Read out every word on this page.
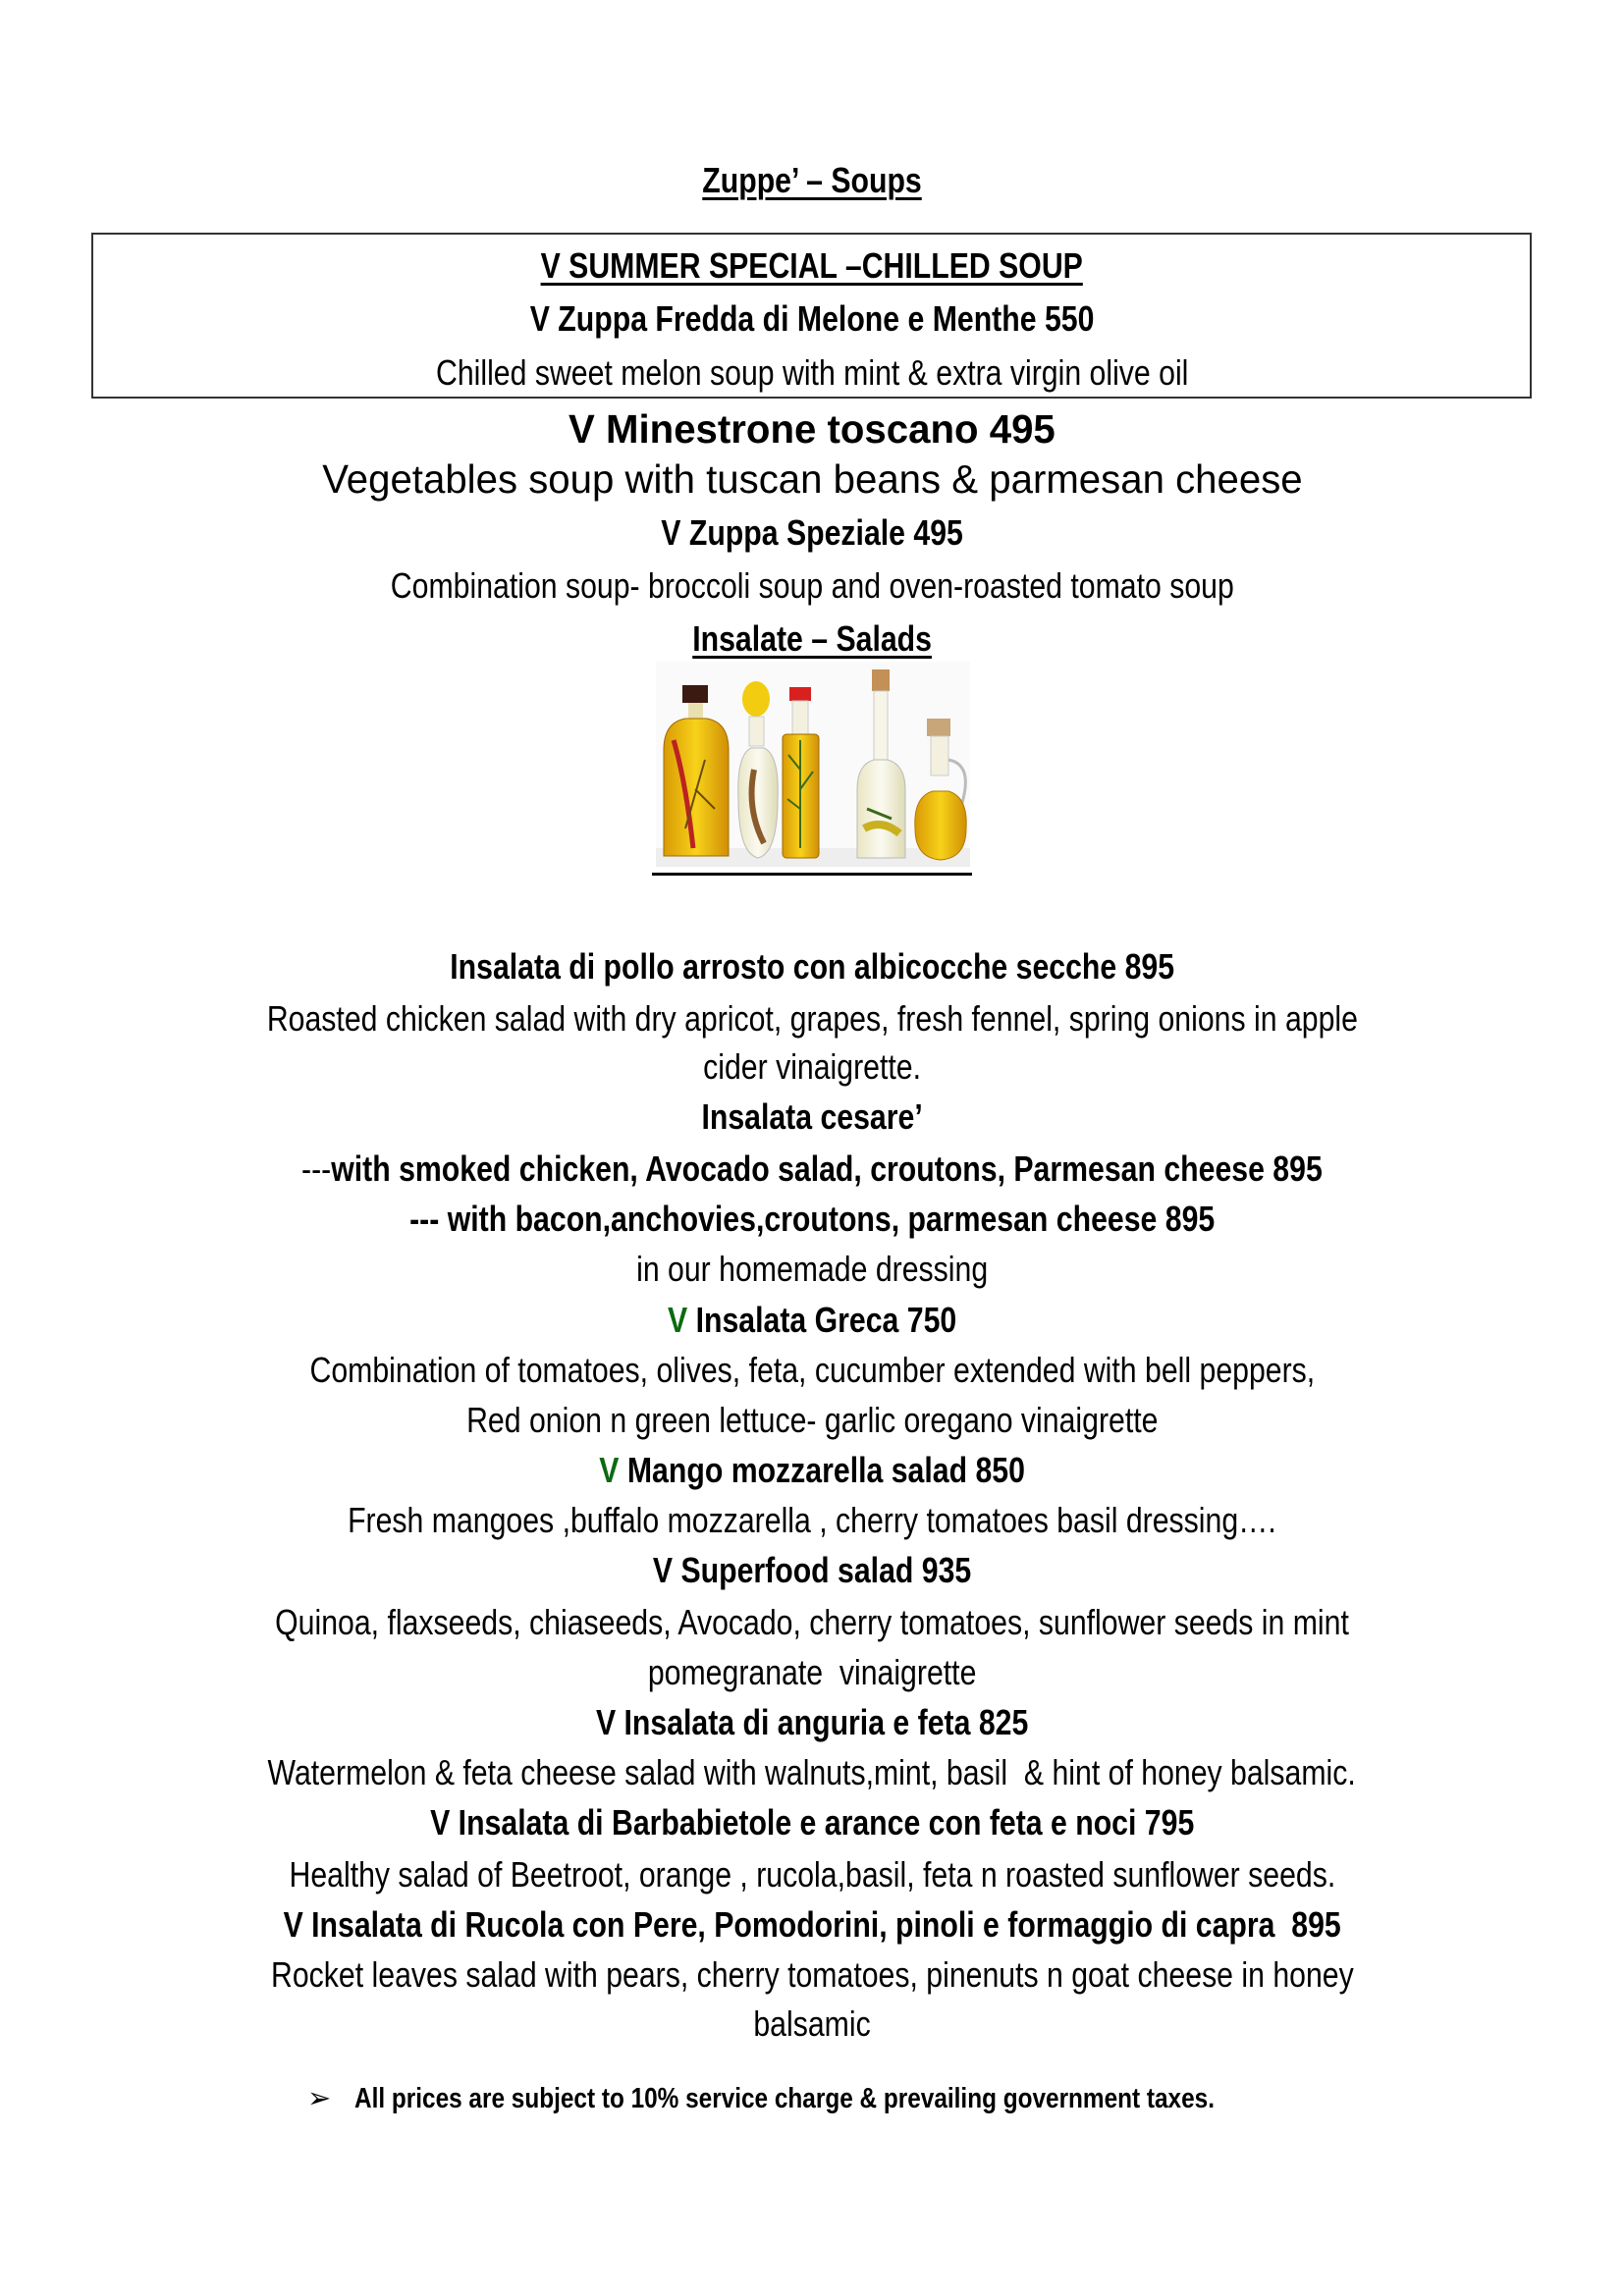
Zuppe’ – Soups
V SUMMER SPECIAL –CHILLED SOUP
V Zuppa Fredda di Melone e Menthe 550
Chilled sweet melon soup with mint & extra virgin olive oil
V Minestrone toscano 495
Vegetables soup with tuscan beans & parmesan cheese
V Zuppa Speziale 495
Combination soup- broccoli soup and oven-roasted tomato soup
Insalate – Salads
Insalata di pollo arrosto con albicocche secche 895
Roasted chicken salad with dry apricot, grapes, fresh fennel, spring onions in apple
cider vinaigrette.
Insalata cesare’
---with smoked chicken, Avocado salad, croutons, Parmesan cheese 895
--- with bacon,anchovies,croutons, parmesan cheese 895
in our homemade dressing
V Insalata Greca 750
Combination of tomatoes, olives, feta, cucumber extended with bell peppers,
Red onion n green lettuce- garlic oregano vinaigrette
V Mango mozzarella salad 850
Fresh mangoes ,buffalo mozzarella , cherry tomatoes basil dressing….
V Superfood salad 935
Quinoa, flaxseeds, chiaseeds, Avocado, cherry tomatoes, sunflower seeds in mint
pomegranate  vinaigrette
V Insalata di anguria e feta 825
Watermelon & feta cheese salad with walnuts,mint, basil  & hint of honey balsamic.
V Insalata di Barbabietole e arance con feta e noci 795
Healthy salad of Beetroot, orange , rucola,basil, feta n roasted sunflower seeds.
V Insalata di Rucola con Pere, Pomodorini, pinoli e formaggio di capra  895
Rocket leaves salad with pears, cherry tomatoes, pinenuts n goat cheese in honey
balsamic
➢ All prices are subject to 10% service charge & prevailing government taxes.
